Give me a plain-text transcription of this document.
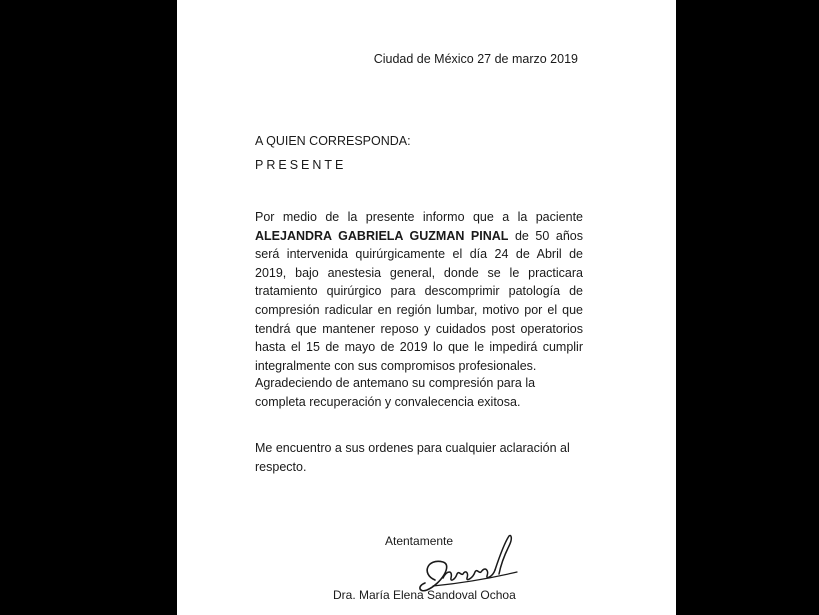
Ciudad de México 27 de marzo 2019
A QUIEN CORRESPONDA:
PRESENTE
Por medio de la presente informo que a la paciente ALEJANDRA GABRIELA GUZMAN PINAL de 50 años será intervenida quirúrgicamente el día 24 de Abril de 2019, bajo anestesia general, donde se le practicara tratamiento quirúrgico para descomprimir patología de compresión radicular en región lumbar, motivo por el que tendrá que mantener reposo y cuidados post operatorios hasta el 15 de mayo de 2019 lo que le impedirá cumplir integralmente con sus compromisos profesionales.
Agradeciendo de antemano su compresión para la completa recuperación y convalecencia exitosa.
Me encuentro a sus ordenes para cualquier aclaración al respecto.
Atentamente
Dra. María Elena Sandoval Ochoa
